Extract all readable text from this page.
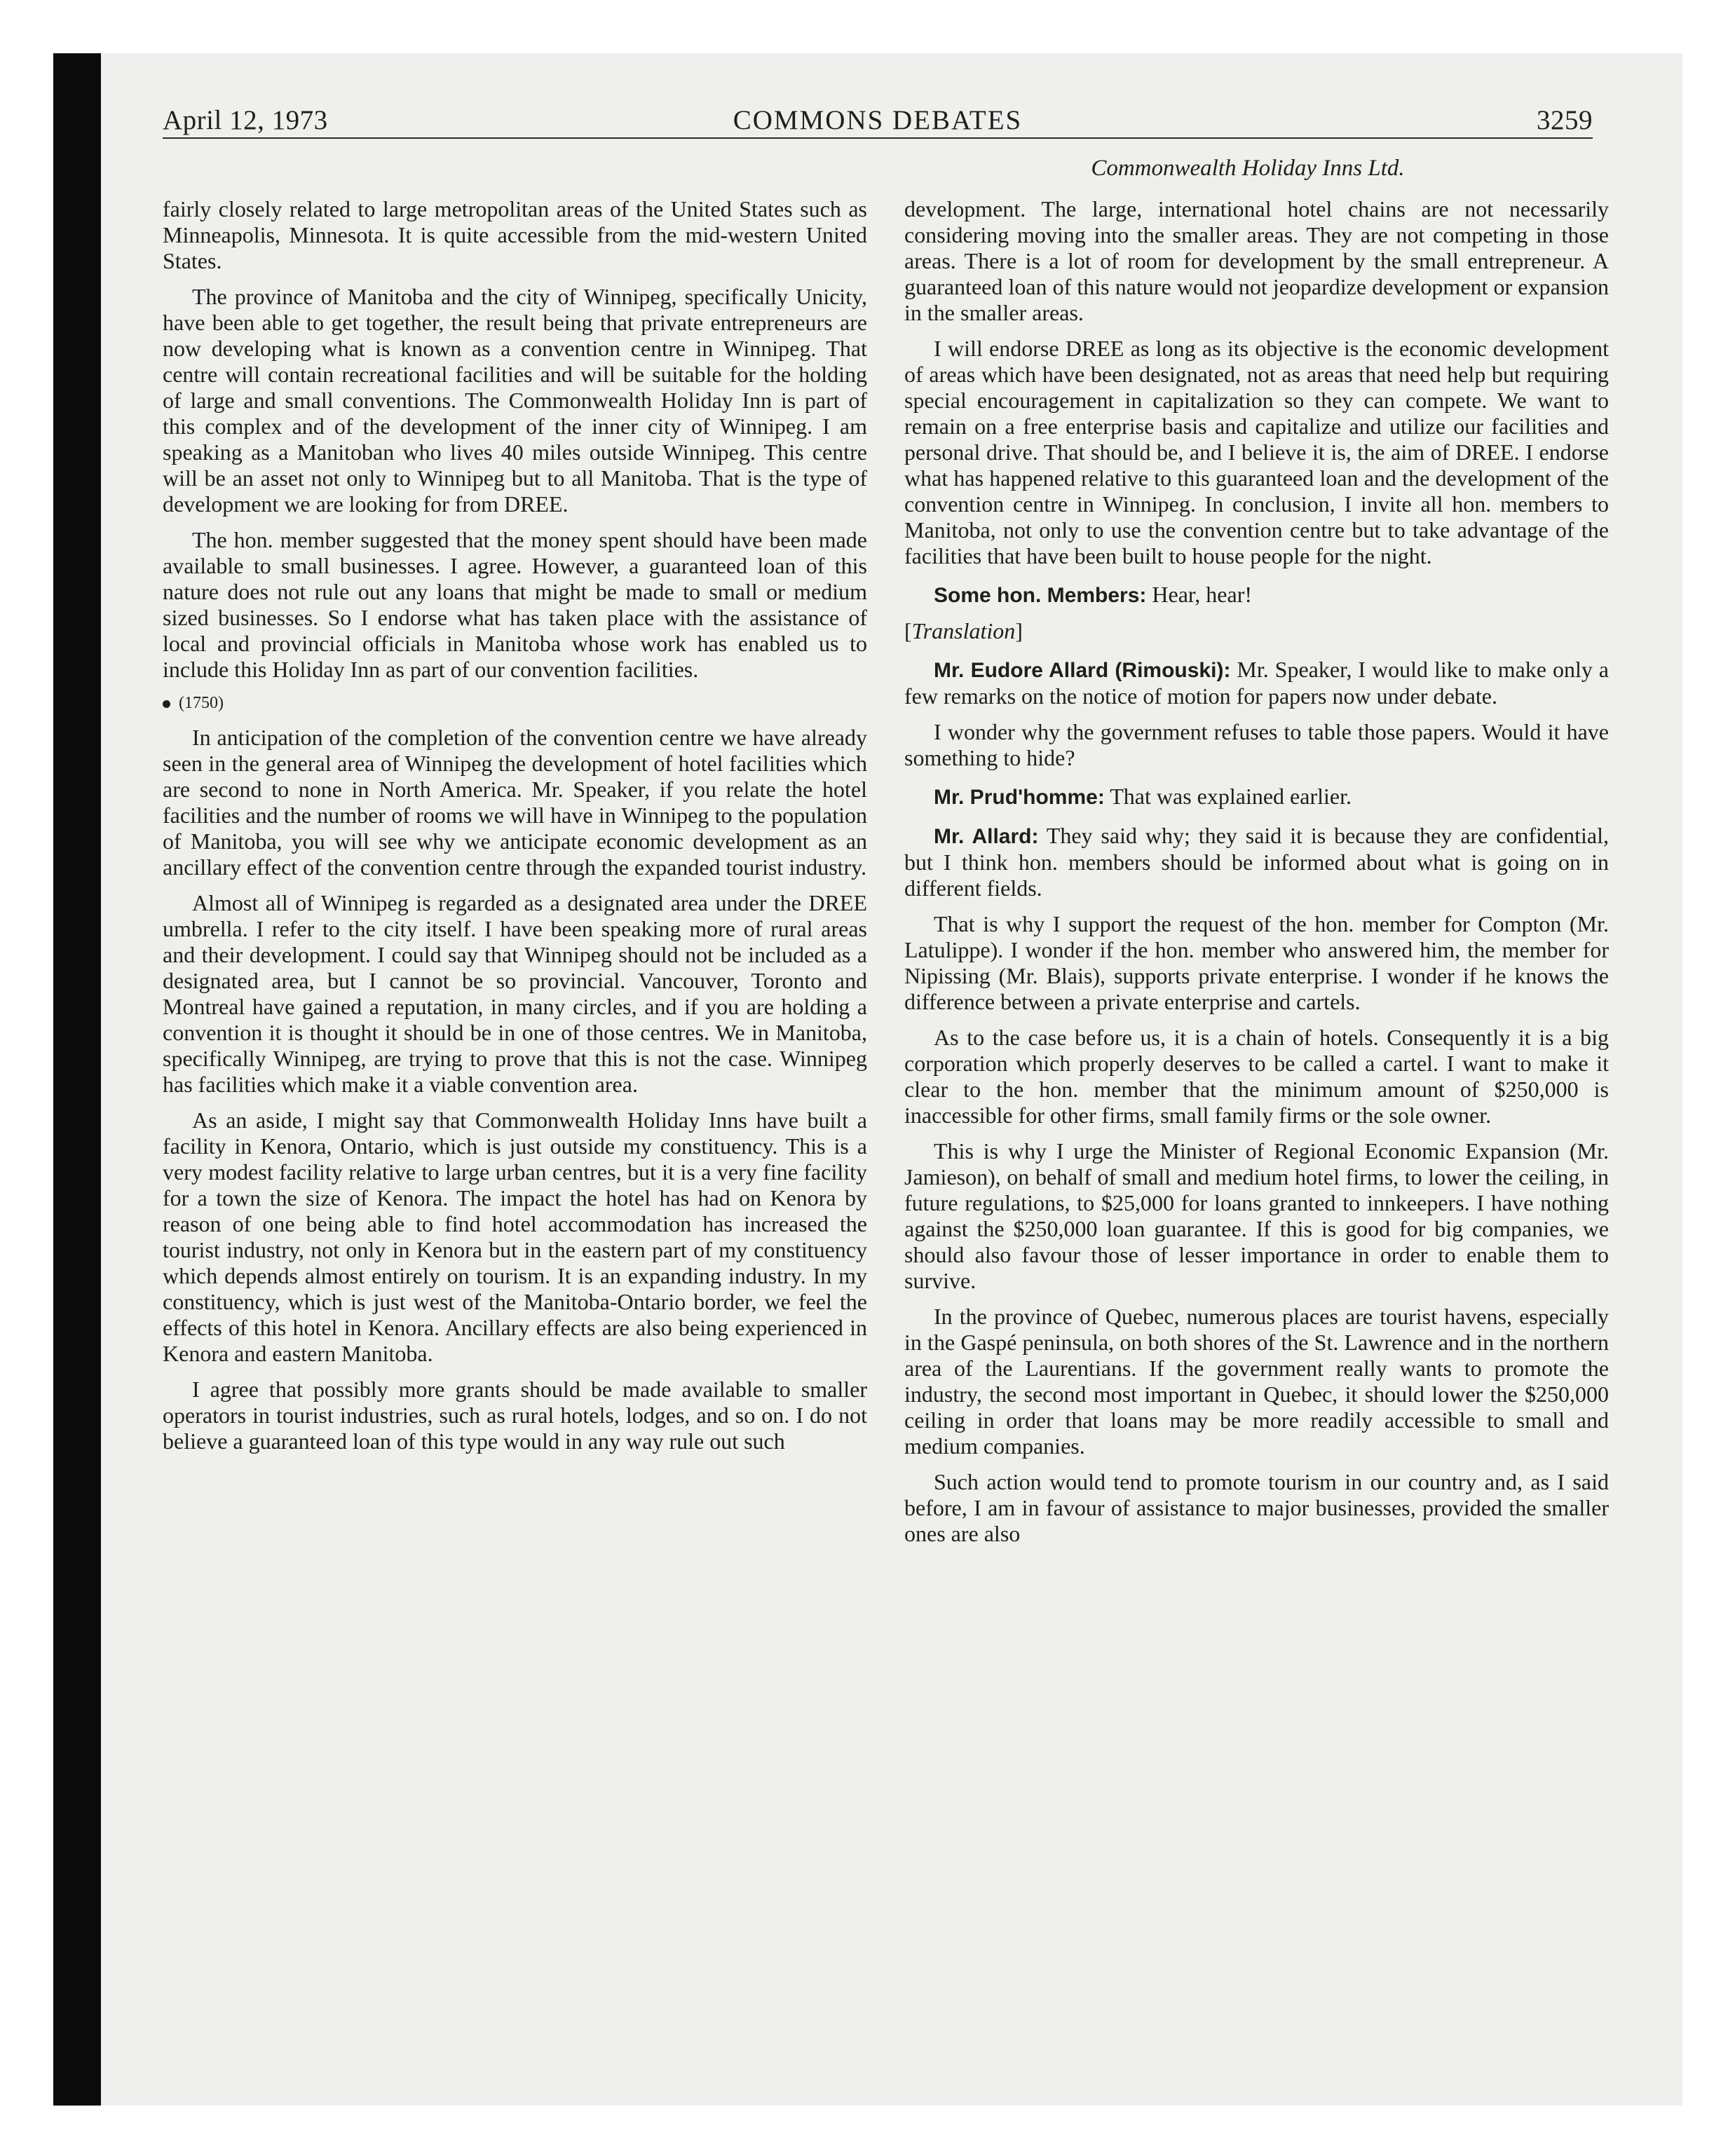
April 12, 1973	COMMONS DEBATES	3259
Commonwealth Holiday Inns Ltd.

fairly closely related to large metropolitan areas of the United States such as Minneapolis, Minnesota. It is quite accessible from the mid-western United States.

The province of Manitoba and the city of Winnipeg, specifically Unicity, have been able to get together, the result being that private entrepreneurs are now developing what is known as a convention centre in Winnipeg. That centre will contain recreational facilities and will be suitable for the holding of large and small conventions. The Commonwealth Holiday Inn is part of this complex and of the development of the inner city of Winnipeg. I am speaking as a Manitoban who lives 40 miles outside Winnipeg. This centre will be an asset not only to Winnipeg but to all Manitoba. That is the type of development we are looking for from DREE.

The hon. member suggested that the money spent should have been made available to small businesses. I agree. However, a guaranteed loan of this nature does not rule out any loans that might be made to small or medium sized businesses. So I endorse what has taken place with the assistance of local and provincial officials in Manitoba whose work has enabled us to include this Holiday Inn as part of our convention facilities.

(1750)

In anticipation of the completion of the convention centre we have already seen in the general area of Winnipeg the development of hotel facilities which are second to none in North America. Mr. Speaker, if you relate the hotel facilities and the number of rooms we will have in Winnipeg to the population of Manitoba, you will see why we anticipate economic development as an ancillary effect of the convention centre through the expanded tourist industry.

Almost all of Winnipeg is regarded as a designated area under the DREE umbrella. I refer to the city itself. I have been speaking more of rural areas and their development. I could say that Winnipeg should not be included as a designated area, but I cannot be so provincial. Vancouver, Toronto and Montreal have gained a reputation, in many circles, and if you are holding a convention it is thought it should be in one of those centres. We in Manitoba, specifically Winnipeg, are trying to prove that this is not the case. Winnipeg has facilities which make it a viable convention area.

As an aside, I might say that Commonwealth Holiday Inns have built a facility in Kenora, Ontario, which is just outside my constituency. This is a very modest facility relative to large urban centres, but it is a very fine facility for a town the size of Kenora. The impact the hotel has had on Kenora by reason of one being able to find hotel accommodation has increased the tourist industry, not only in Kenora but in the eastern part of my constituency which depends almost entirely on tourism. It is an expanding industry. In my constituency, which is just west of the Manitoba-Ontario border, we feel the effects of this hotel in Kenora. Ancillary effects are also being experienced in Kenora and eastern Manitoba.

I agree that possibly more grants should be made available to smaller operators in tourist industries, such as rural hotels, lodges, and so on. I do not believe a guaranteed loan of this type would in any way rule out such

development. The large, international hotel chains are not necessarily considering moving into the smaller areas. They are not competing in those areas. There is a lot of room for development by the small entrepreneur. A guaranteed loan of this nature would not jeopardize development or expansion in the smaller areas.

I will endorse DREE as long as its objective is the economic development of areas which have been designated, not as areas that need help but requiring special encouragement in capitalization so they can compete. We want to remain on a free enterprise basis and capitalize and utilize our facilities and personal drive. That should be, and I believe it is, the aim of DREE. I endorse what has happened relative to this guaranteed loan and the development of the convention centre in Winnipeg. In conclusion, I invite all hon. members to Manitoba, not only to use the convention centre but to take advantage of the facilities that have been built to house people for the night.

Some hon. Members: Hear, hear!

[Translation]

Mr. Eudore Allard (Rimouski): Mr. Speaker, I would like to make only a few remarks on the notice of motion for papers now under debate.

I wonder why the government refuses to table those papers. Would it have something to hide?

Mr. Prud'homme: That was explained earlier.

Mr. Allard: They said why; they said it is because they are confidential, but I think hon. members should be informed about what is going on in different fields.

That is why I support the request of the hon. member for Compton (Mr. Latulippe). I wonder if the hon. member who answered him, the member for Nipissing (Mr. Blais), supports private enterprise. I wonder if he knows the difference between a private enterprise and cartels.

As to the case before us, it is a chain of hotels. Consequently it is a big corporation which properly deserves to be called a cartel. I want to make it clear to the hon. member that the minimum amount of $250,000 is inaccessible for other firms, small family firms or the sole owner.

This is why I urge the Minister of Regional Economic Expansion (Mr. Jamieson), on behalf of small and medium hotel firms, to lower the ceiling, in future regulations, to $25,000 for loans granted to innkeepers. I have nothing against the $250,000 loan guarantee. If this is good for big companies, we should also favour those of lesser importance in order to enable them to survive.

In the province of Quebec, numerous places are tourist havens, especially in the Gaspé peninsula, on both shores of the St. Lawrence and in the northern area of the Laurentians. If the government really wants to promote the industry, the second most important in Quebec, it should lower the $250,000 ceiling in order that loans may be more readily accessible to small and medium companies.

Such action would tend to promote tourism in our country and, as I said before, I am in favour of assistance to major businesses, provided the smaller ones are also
